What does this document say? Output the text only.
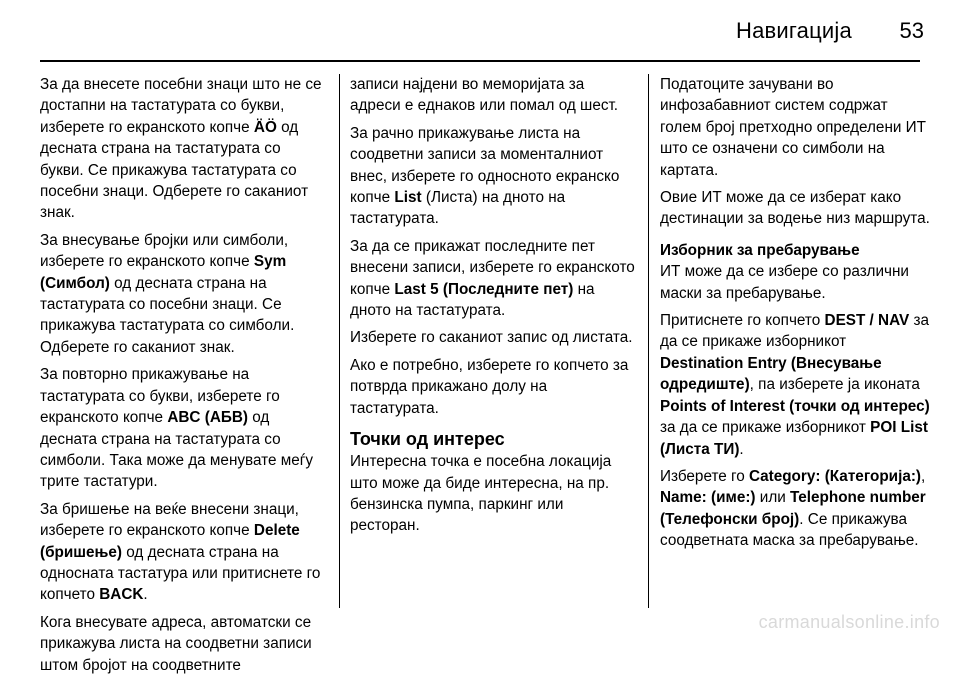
Навигација	53

За да внесете посебни знаци што не се достапни на тастатурата со букви, изберете го екранското копче ÄÖ од десната страна на тастатурата со букви. Се прикажува тастатурата со посебни знаци. Одберете го саканиот знак.

За внесување бројки или симболи, изберете го екранското копче Sym (Симбол) од десната страна на тастатурата со посебни знаци. Се прикажува тастатурата со симболи. Одберете го саканиот знак.

За повторно прикажување на тастатурата со букви, изберете го екранското копче ABC (АБВ) од десната страна на тастатурата со симболи. Така може да менувате меѓу трите тастатури.

За бришење на веќе внесени знаци, изберете го екранското копче Delete (бришење) од десната страна на односната тастатура или притиснете го копчето BACK.

Кога внесувате адреса, автоматски се прикажува листа на соодветни записи штом бројот на соодветните

записи најдени во меморијата за адреси е еднаков или помал од шест.

За рачно прикажување листа на соодветни записи за моменталниот внес, изберете го односното екранско копче List (Листа) на дното на тастатурата.

За да се прикажат последните пет внесени записи, изберете го екранското копче Last 5 (Последните пет) на дното на тастатурата.

Изберете го саканиот запис од листата.

Ако е потребно, изберете го копчето за потврда прикажано долу на тастатурата.

Точки од интерес

Интересна точка е посебна локација што може да биде интересна, на пр. бензинска пумпа, паркинг или ресторан.

Податоците зачувани во инфозабавниот систем содржат голем број претходно определени ИТ што се означени со симболи на картата.

Овие ИТ може да се изберат како дестинации за водење низ маршрута.

Изборник за пребарување

ИТ може да се избере со различни маски за пребарување.

Притиснете го копчето DEST / NAV за да се прикаже изборникот Destination Entry (Внесување одредиште), па изберете ја иконата Points of Interest (точки од интерес) за да се прикаже изборникот POI List (Листа ТИ).

Изберете го Category: (Категорија:), Name: (име:) или Telephone number (Телефонски број). Се прикажува соодветната маска за пребарување.

carmanualsonline.info
